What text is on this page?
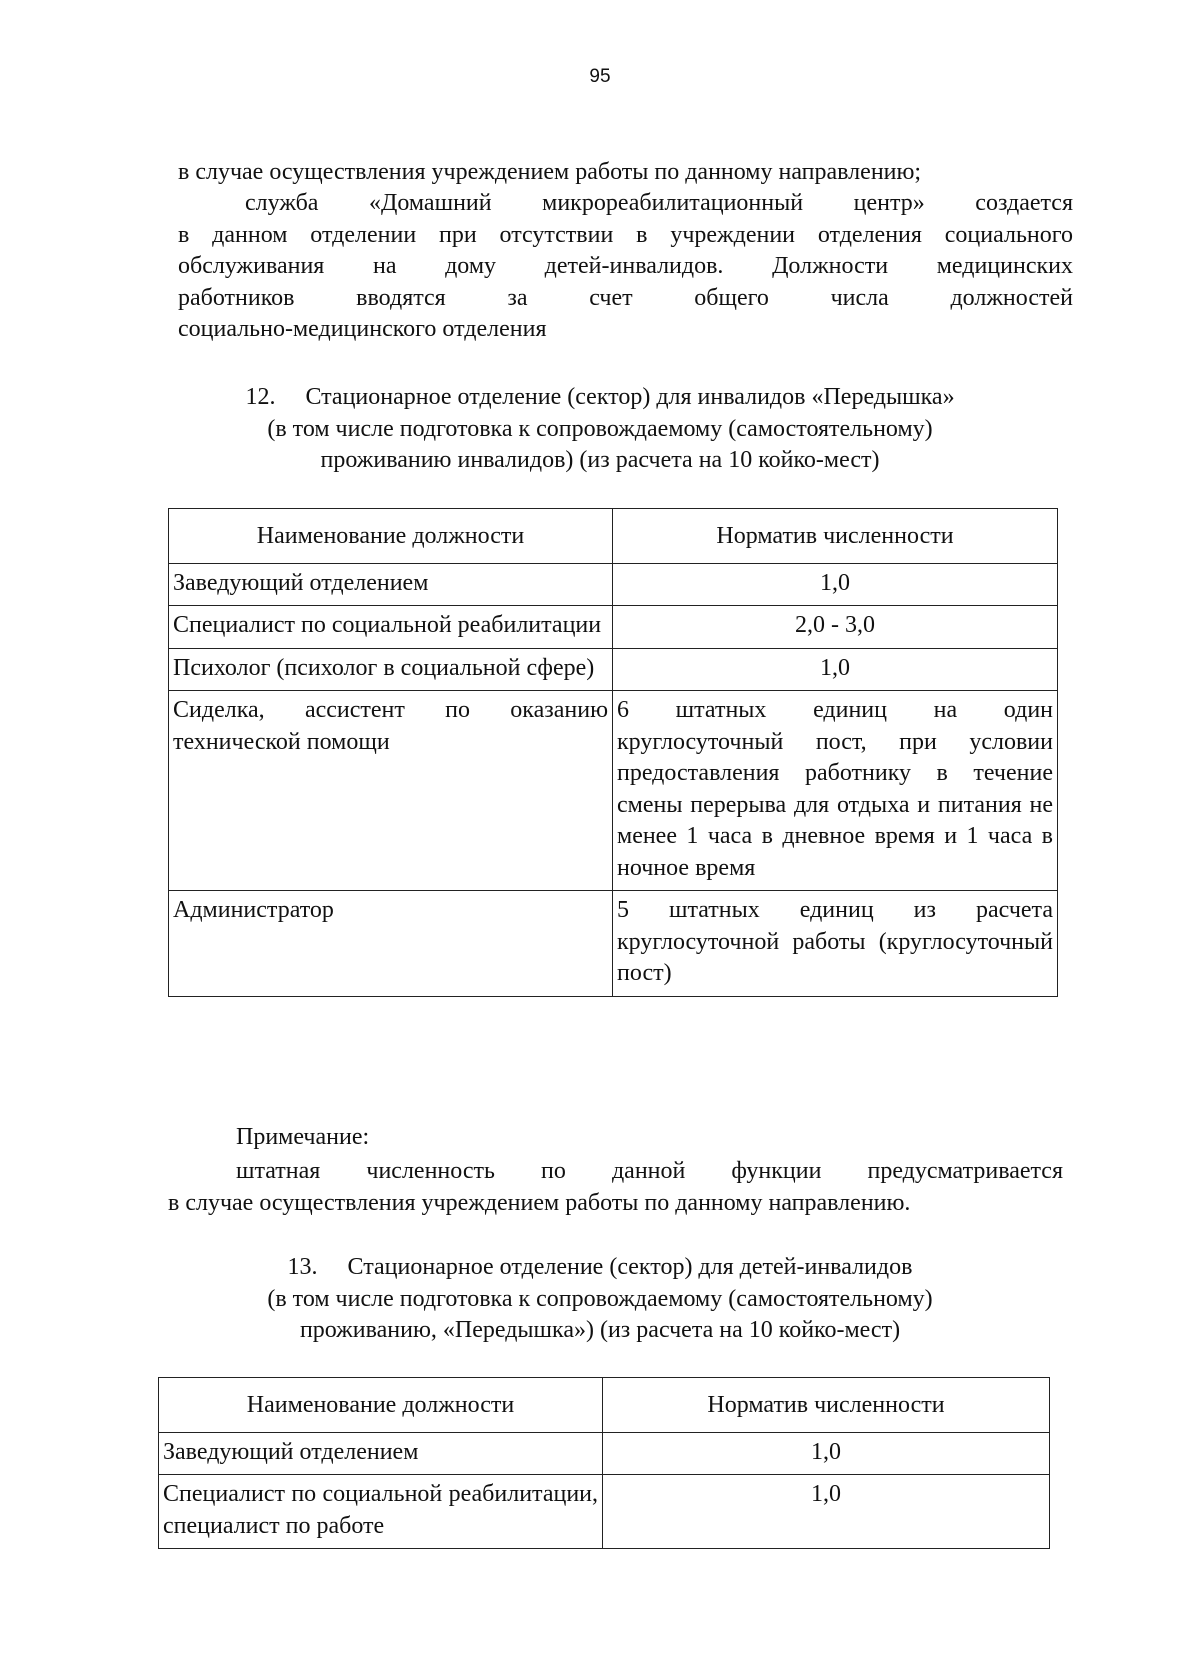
95
в случае осуществления учреждением работы по данному направлению;
служба «Домашний микрореабилитационный центр» создается
в данном отделении при отсутствии в учреждении отделения социального
обслуживания на дому детей-инвалидов. Должности медицинских
работников вводятся за счет общего числа должностей
социально-медицинского отделения
12. Стационарное отделение (сектор) для инвалидов «Передышка»
(в том числе подготовка к сопровождаемому (самостоятельному)
проживанию инвалидов) (из расчета на 10 койко-мест)
Наименование должности	Норматив численности
Заведующий отделением	1,0
Специалист по социальной реабилитации	2,0 - 3,0
Психолог (психолог в социальной сфере)	1,0
Сиделка, ассистент по оказанию технической помощи	6 штатных единиц на один круглосуточный пост, при условии предоставления работнику в течение смены перерыва для отдыха и питания не менее 1 часа в дневное время и 1 часа в ночное время
Администратор	5 штатных единиц из расчета круглосуточной работы (круглосуточный пост)
Примечание:
штатная численность по данной функции предусматривается
в случае осуществления учреждением работы по данному направлению.
13. Стационарное отделение (сектор) для детей-инвалидов
(в том числе подготовка к сопровождаемому (самостоятельному)
проживанию, «Передышка») (из расчета на 10 койко-мест)
Наименование должности	Норматив численности
Заведующий отделением	1,0
Специалист по социальной реабилитации, специалист по работе	1,0
